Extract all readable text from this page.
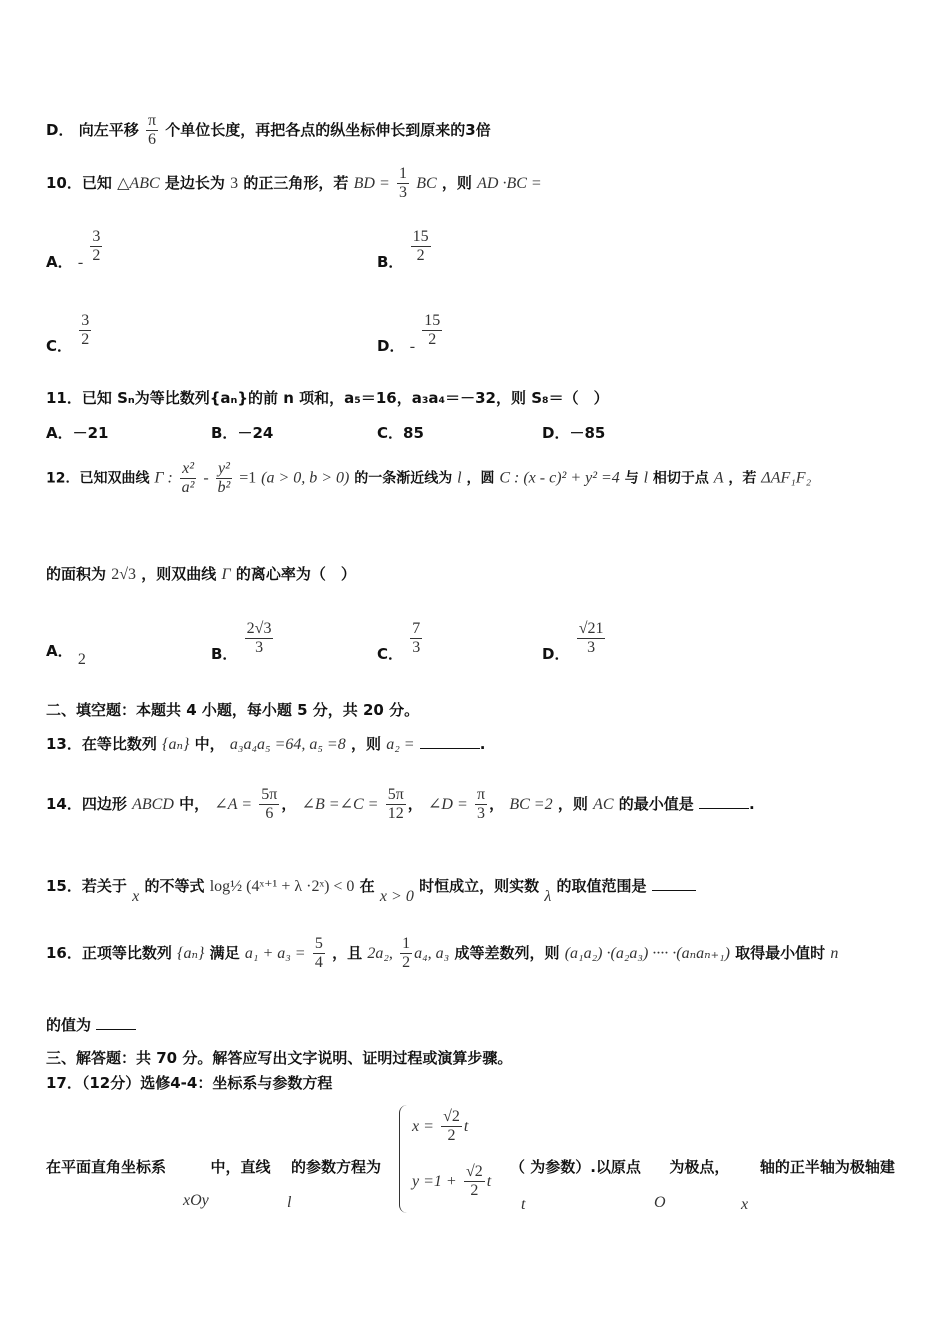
D． 向左平移 $\frac{\pi}{6}$ 个单位长度，再把各点的纵坐标伸长到原来的3倍
10．已知 △ABC 是边长为 3 的正三角形，若 BD = $\frac{1}{3}$ BC ，则 AD ·BC =
A． - $\frac{3}{2}$	B． $\frac{15}{2}$
C． $\frac{3}{2}$	D． - $\frac{15}{2}$
11．已知 Sₙ为等比数列{aₙ}的前 n 项和，a₅＝16，a₃a₄＝－32，则 S₈＝（　）
A．－21	B．－24	C．85	D．－85
12．已知双曲线 Γ : $\frac{\text{x²}}{\text{a²}} - \frac{\text{y²}}{\text{b²}} =1$ (a > 0, b > 0) 的一条渐近线为 l ，圆 C : (x - c)² + y² =4 与 l 相切于点 A ，若 ΔAF₁F₂
的面积为 2√3 ，则双曲线 Γ 的离心率为（　）
A． 2	B． $\frac{2√3}{3}$	C． $\frac{7}{3}$	D． $\frac{√21}{3}$
二、填空题：本题共 4 小题，每小题 5 分，共 20 分。
13．在等比数列 {aₙ} 中， a₃a₄a₅ =64, a₅ =8 ，则 a₂ =	.
14．四边形 ABCD 中， ∠A = $\frac{5\pi}{6}$ ， ∠B =∠C = $\frac{5\pi}{12}$ ， ∠D = $\frac{\pi}{3}$ ， BC =2 ，则 AC 的最小值是	.
15．若关于 x 的不等式 log½ (4ˣ⁺¹ + λ ·2ˣ) < 0 在 x > 0 时恒成立，则实数 λ 的取值范围是
16．正项等比数列 {aₙ} 满足 $a_1 + a_3 = \frac{5}{4}$ ，且 2a₂, $\frac{1}{2} a_4$, a₃ 成等差数列，则 (a₁a₂) ·(a₂a₃) ···· ·(aₙaₙ₊₁) 取得最小值时 n
的值为
三、解答题：共 70 分。解答应写出文字说明、证明过程或演算步骤。
17．（12分）选修4-4：坐标系与参数方程
在平面直角坐标系	中，直线 的参数方程为	（ 为参数）.以原点 为极点， 轴的正半轴为极轴建
$x = \frac{√2}{2}$ t
$y =1 + \frac{√2}{2}$ t
xOy	l	t	O	x
